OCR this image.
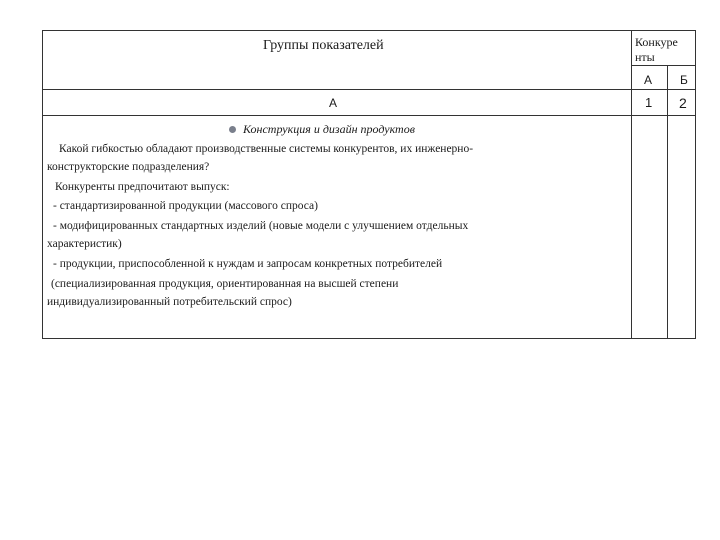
Группы показателей	Конкуре
нты
А Б
А	1 2
Конструкция и дизайн продуктов
Какой гибкостью обладают производственные системы конкурентов, их инженерно-
конструкторские подразделения?
Конкуренты предпочитают выпуск:
- стандартизированной продукции (массового спроса)
- модифицированных стандартных изделий (новые модели с улучшением отдельных
характеристик)
- продукции, приспособленной к нуждам и запросам конкретных потребителей
(специализированная продукция, ориентированная на высшей степени
индивидуализированный потребительский спрос)
